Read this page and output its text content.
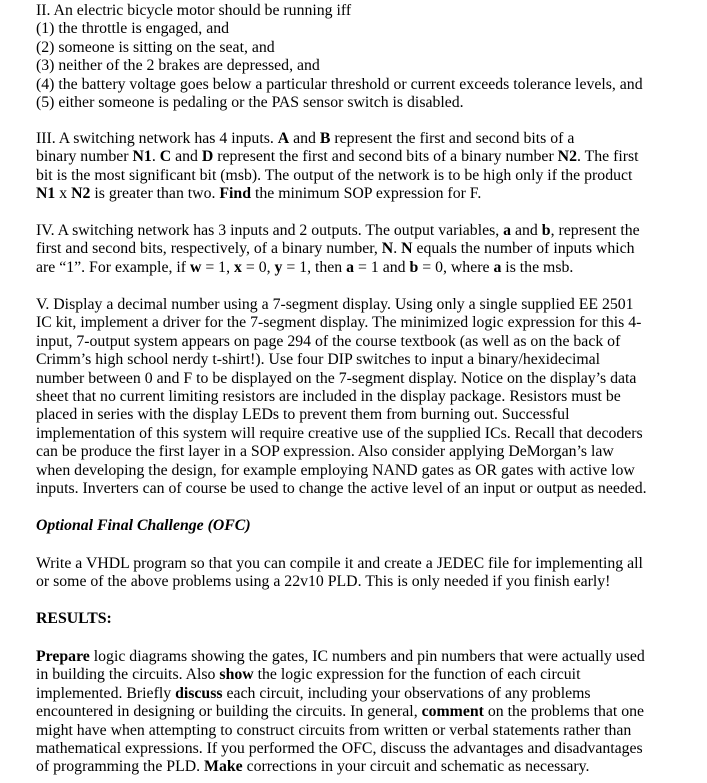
II. An electric bicycle motor should be running iff
(1) the throttle is engaged, and
(2) someone is sitting on the seat, and
(3) neither of the 2 brakes are depressed, and
(4) the battery voltage goes below a particular threshold or current exceeds tolerance levels, and
(5) either someone is pedaling or the PAS sensor switch is disabled.
III. A switching network has 4 inputs. A and B represent the first and second bits of a
binary number N1. C and D represent the first and second bits of a binary number N2. The first
bit is the most significant bit (msb). The output of the network is to be high only if the product
N1 x N2 is greater than two. Find the minimum SOP expression for F.
IV. A switching network has 3 inputs and 2 outputs. The output variables, a and b, represent the
first and second bits, respectively, of a binary number, N. N equals the number of inputs which
are “1”. For example, if w = 1, x = 0, y = 1, then a = 1 and b = 0, where a is the msb.
V. Display a decimal number using a 7-segment display. Using only a single supplied EE 2501
IC kit, implement a driver for the 7-segment display. The minimized logic expression for this 4-
input, 7-output system appears on page 294 of the course textbook (as well as on the back of
Crimm’s high school nerdy t-shirt!). Use four DIP switches to input a binary/hexidecimal
number between 0 and F to be displayed on the 7-segment display. Notice on the display’s data
sheet that no current limiting resistors are included in the display package. Resistors must be
placed in series with the display LEDs to prevent them from burning out. Successful
implementation of this system will require creative use of the supplied ICs. Recall that decoders
can be produce the first layer in a SOP expression. Also consider applying DeMorgan’s law
when developing the design, for example employing NAND gates as OR gates with active low
inputs. Inverters can of course be used to change the active level of an input or output as needed.
Optional Final Challenge (OFC)
Write a VHDL program so that you can compile it and create a JEDEC file for implementing all
or some of the above problems using a 22v10 PLD. This is only needed if you finish early!
RESULTS:
Prepare logic diagrams showing the gates, IC numbers and pin numbers that were actually used
in building the circuits. Also show the logic expression for the function of each circuit
implemented. Briefly discuss each circuit, including your observations of any problems
encountered in designing or building the circuits. In general, comment on the problems that one
might have when attempting to construct circuits from written or verbal statements rather than
mathematical expressions. If you performed the OFC, discuss the advantages and disadvantages
of programming the PLD. Make corrections in your circuit and schematic as necessary.
